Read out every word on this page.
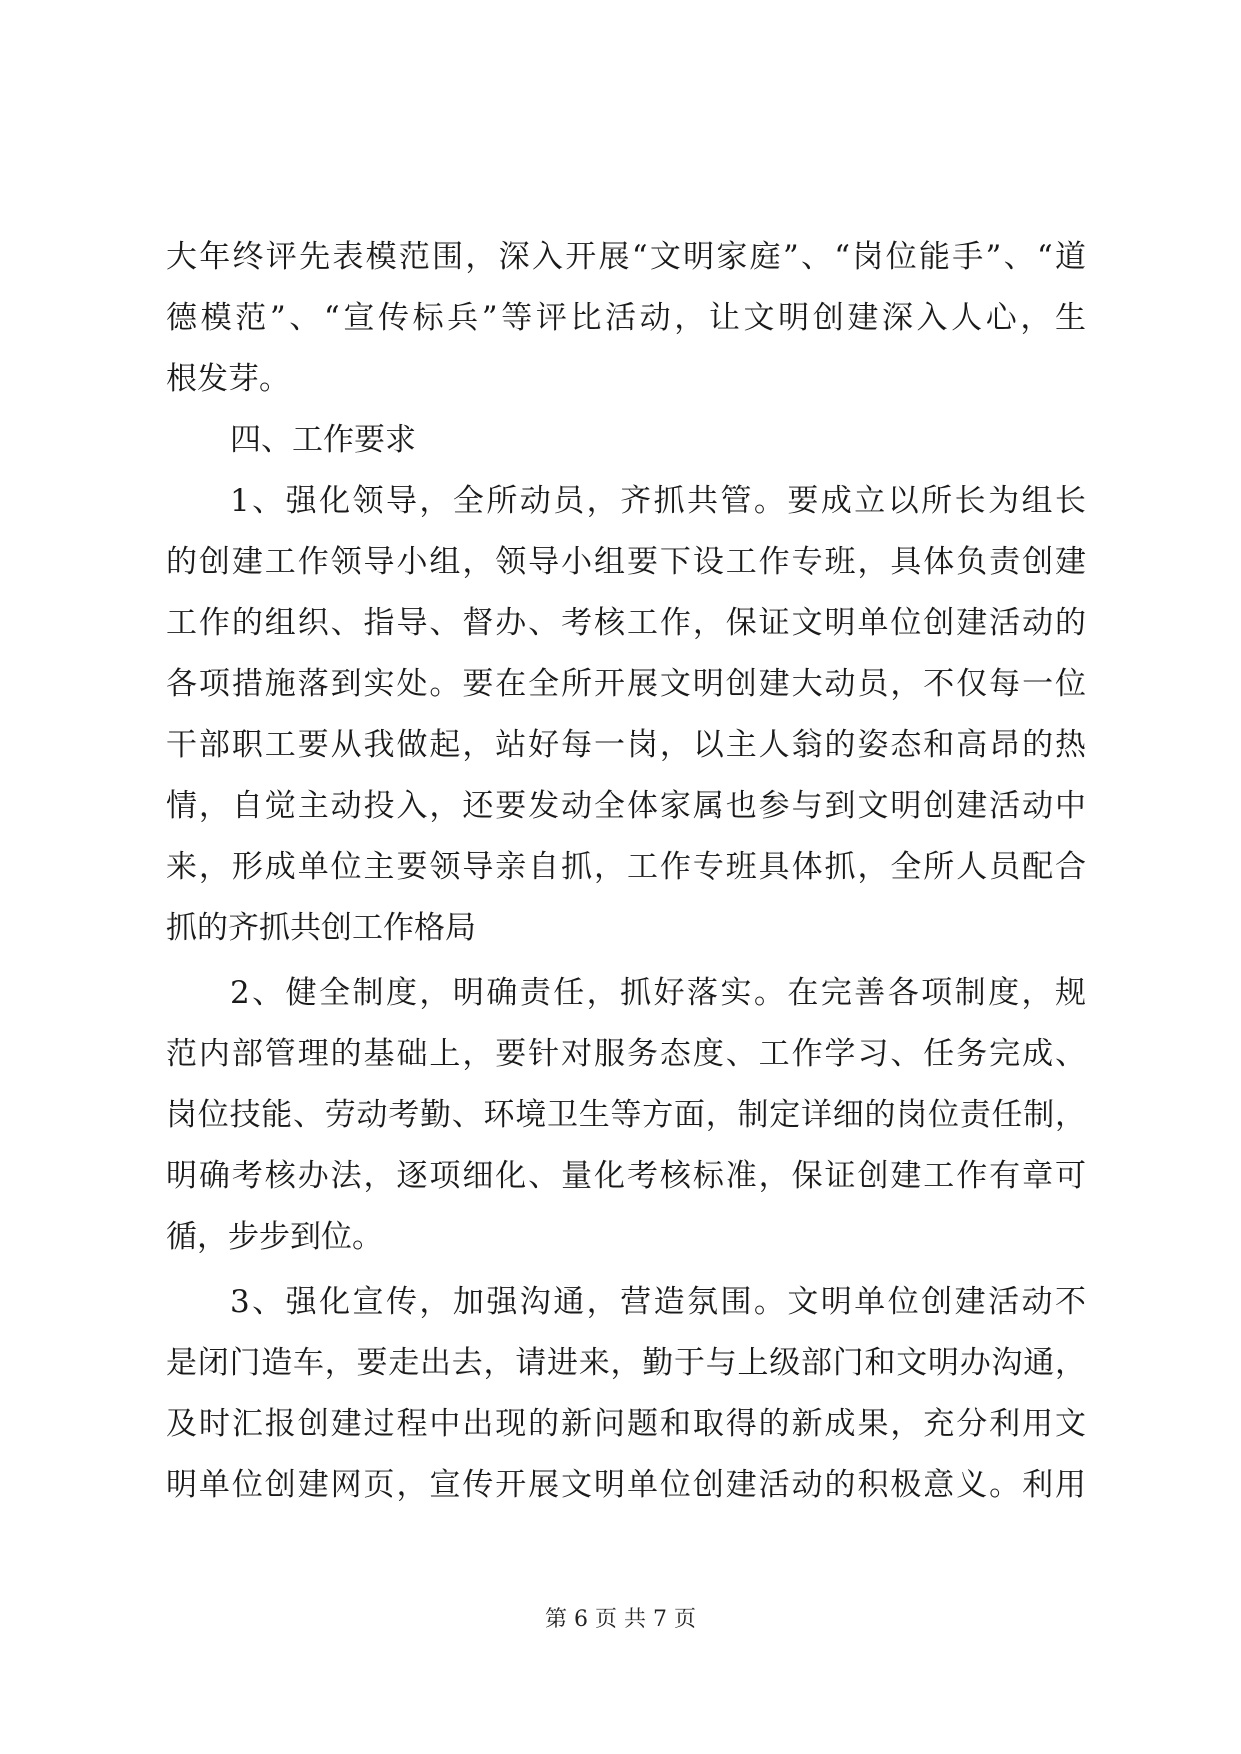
大年终评先表模范围，深入开展“文明家庭”、“岗位能手”、“道
德模范”、“宣传标兵”等评比活动，让文明创建深入人心，生
根发芽。
四、工作要求
1、强化领导，全所动员，齐抓共管。要成立以所长为组长
的创建工作领导小组，领导小组要下设工作专班，具体负责创建
工作的组织、指导、督办、考核工作，保证文明单位创建活动的
各项措施落到实处。要在全所开展文明创建大动员，不仅每一位
干部职工要从我做起，站好每一岗，以主人翁的姿态和高昂的热
情，自觉主动投入，还要发动全体家属也参与到文明创建活动中
来，形成单位主要领导亲自抓，工作专班具体抓，全所人员配合
抓的齐抓共创工作格局
2、健全制度，明确责任，抓好落实。在完善各项制度，规
范内部管理的基础上，要针对服务态度、工作学习、任务完成、
岗位技能、劳动考勤、环境卫生等方面，制定详细的岗位责任制，
明确考核办法，逐项细化、量化考核标准，保证创建工作有章可
循，步步到位。
3、强化宣传，加强沟通，营造氛围。文明单位创建活动不
是闭门造车，要走出去，请进来，勤于与上级部门和文明办沟通，
及时汇报创建过程中出现的新问题和取得的新成果，充分利用文
明单位创建网页，宣传开展文明单位创建活动的积极意义。利用
第 6 页 共 7 页
